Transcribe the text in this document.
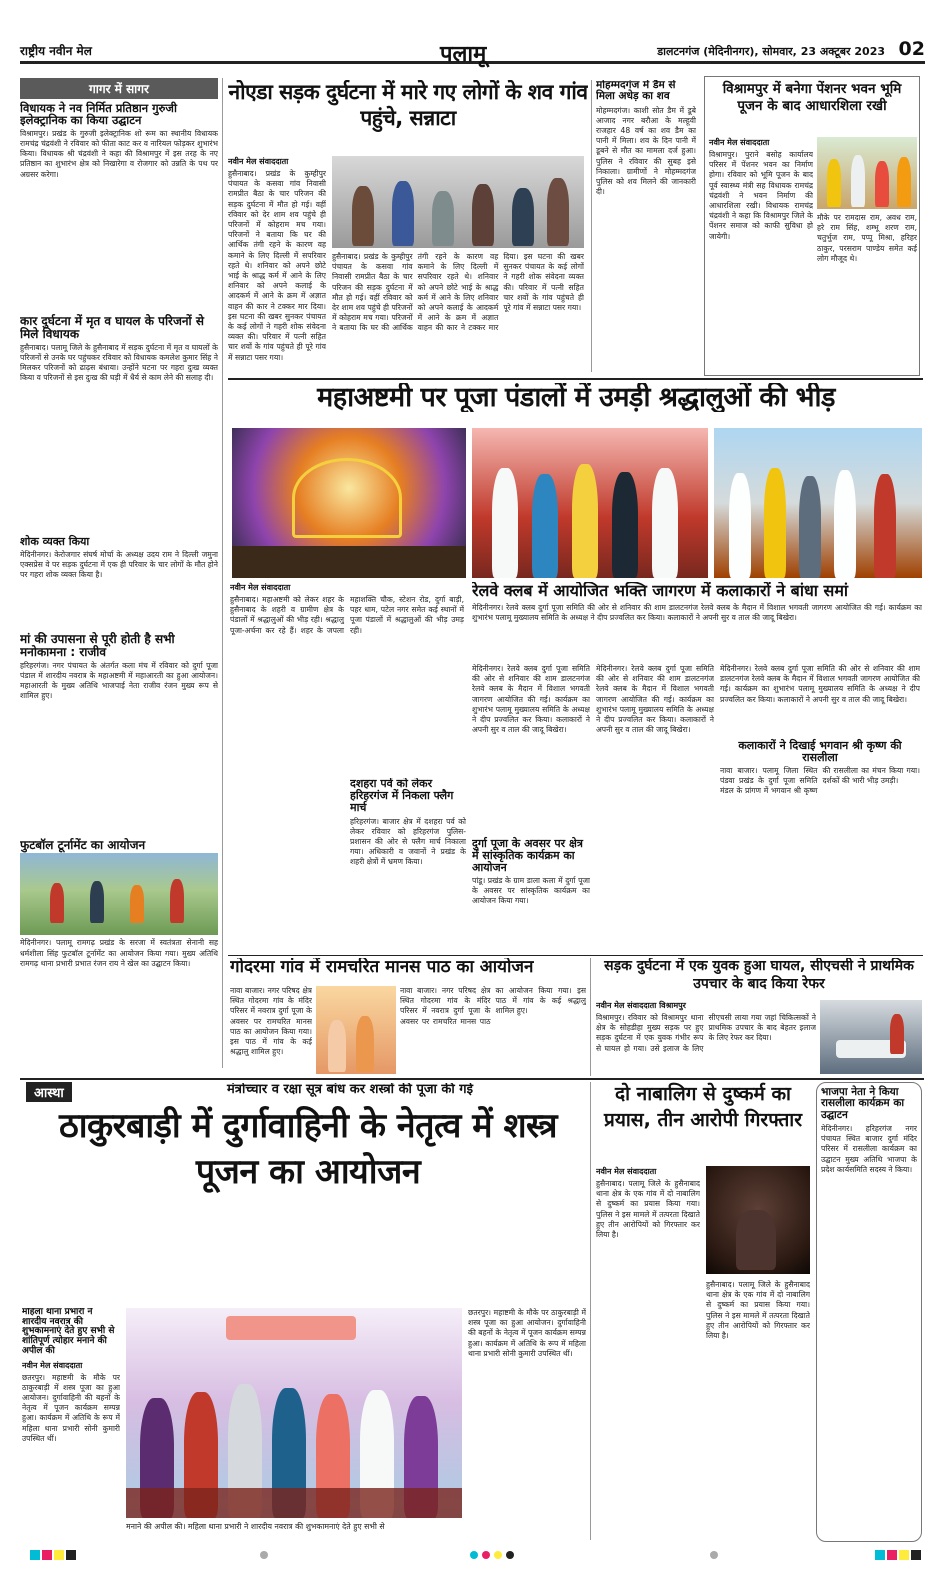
राष्ट्रीय नवीन मेल	पलामू	डालटनगंज (मेदिनीनगर), सोमवार, 23 अक्टूबर 2023 02
गागर में सागर
विधायक ने नव निर्मित प्रतिष्ठान गुरुजी इलेक्ट्रानिक का किया उद्घाटन
विश्रामपुर। प्रखंड के गुरुजी इलेक्ट्रानिक शो रूम का स्थानीय विधायक रामचंद्र चंद्रवंशी ने रविवार को फीता काट कर व नारियल फोड़कर शुभारंभ किया। विधायक श्री चंद्रवंशी ने कहा की विश्रामपुर में इस तरह के नए प्रतिष्ठान का शुभारंभ क्षेत्र को निखारेगा व रोजगार को उन्नति के पथ पर अग्रसर करेगा।
कार दुर्घटना में मृत व घायल के परिजनों से मिले विधायक
हुसैनाबाद। पलामू जिले के हुसैनाबाद में सड़क दुर्घटना में मृत व घायलों के परिजनों से उनके घर पहुंचकर रविवार को विधायक कमलेश कुमार सिंह ने मिलकर परिजनों को ढाढ़स बंधाया। उन्होंने घटना पर गहरा दुःख व्यक्त किया व परिजनों से इस दुःख की घड़ी में धैर्य से काम लेने की सलाह दी।
शोक व्यक्त किया
मेदिनीनगर। केरोजगार संघर्ष मोर्चा के अध्यक्ष उदय राम ने दिल्ली जमुना एक्सप्रेस वे पर सड़क दुर्घटना में एक ही परिवार के चार लोगों के मौत होने पर गहरा शोक व्यक्त किया है।
मां की उपासना से पूरी होती है सभी मनोकामना : राजीव
हरिहरगंज। नगर पंचायत के अंतर्गत कला मंच में रविवार को दुर्गा पूजा पंडाल में शारदीय नवरात्र के महाअष्टमी में महाआरती का हुआ आयोजन। महाआरती के मुख्य अतिथि भाजपाई नेता राजीव रंजन मुख्य रूप से शामिल हुए।
फुटबॉल टूर्नामेंट का आयोजन
मेदिनीनगर। पलामू रामगढ़ प्रखंड के सरजा में स्वतंत्रता सेनानी सह धर्मशीला सिंह फुटबॉल टूर्नामेंट का आयोजन किया गया। मुख्य अतिथि रामगढ़ थाना प्रभारी प्रभात रंजन राय ने खेल का उद्घाटन किया।
नोएडा सड़क दुर्घटना में मारे गए लोगों के शव गांव पहुंचे, सन्नाटा
नवीन मेल संवाददाता
हुसैनाबाद। प्रखंड के कुम्हीपुर पंचायत के कसवा गांव निवासी रामप्रीत बैठा के चार परिजन की सड़क दुर्घटना में मौत हो गई। वहीं रविवार को देर शाम शव पहुंचे ही परिजनों में कोहराम मच गया। परिजनों ने बताया कि घर की आर्थिक तंगी रहने के कारण वह कमाने के लिए दिल्ली में सपरिवार रहते थे। शनिवार को अपने छोटे भाई के श्राद्ध कर्म में आने के लिए शनिवार को अपने कलाई के आदकर्म में आने के क्रम में अज्ञात वाहन की कार ने टक्कर मार दिया। इस घटना की खबर सुनकर पंचायत के कई लोगों ने गहरी शोक संवेदना व्यक्त की। परिवार में पत्नी सहित चार शवों के गांव पहुंचते ही पूरे गांव में सन्नाटा पसर गया।
हुसैनाबाद। प्रखंड के कुम्हीपुर पंचायत के कसवा गांव निवासी रामप्रीत बैठा के चार परिजन की सड़क दुर्घटना में मौत हो गई। वहीं रविवार को देर शाम शव पहुंचे ही परिजनों में कोहराम मच गया। परिजनों ने बताया कि घर की आर्थिक तंगी रहने के कारण वह कमाने के लिए दिल्ली में सपरिवार रहते थे। शनिवार को अपने छोटे भाई के श्राद्ध कर्म में आने के लिए शनिवार को अपने कलाई के आदकर्म में आने के क्रम में अज्ञात वाहन की कार ने टक्कर मार दिया। इस घटना की खबर सुनकर पंचायत के कई लोगों ने गहरी शोक संवेदना व्यक्त की। परिवार में पत्नी सहित चार शवों के गांव पहुंचते ही पूरे गांव में सन्नाटा पसर गया।
मोहम्मदगंज में डैम से मिला अधेड़ का शव
मोहम्मदगंज। काशी सोत डैम में डूबे आजाद नगर बरौआ के मल्हूवी राजहार 48 वर्ष का शव डैम का पानी में मिला। शव के दिन पानी में डूबने से मौत का मामला दर्ज हुआ। पुलिस ने रविवार की सुबह इसे निकाला। ग्रामीणों ने मोहम्मदगंज पुलिस को शव मिलने की जानकारी दी।
विश्रामपुर में बनेगा पेंशनर भवन भूमि पूजन के बाद आधारशिला रखी
नवीन मेल संवाददाता
विश्रामपुर। पुराने बसोह कार्यालय परिसर में पेंशनर भवन का निर्माण होगा। रविवार को भूमि पूजन के बाद पूर्व स्वास्थ्य मंत्री सह विधायक रामचंद्र चंद्रवंशी ने भवन निर्माण की आधारशिला रखी। विधायक रामचंद्र चंद्रवंशी ने कहा कि विश्रामपुर जिले के पेंशनर समाज को काफी सुविधा हो जायेगी।
मौके पर रामदास राम, अवध राम, हरे राम सिंह, शम्भू शरण राम, चतुर्भुज राम, पप्पू मिश्रा, हरिहर ठाकुर, परसराम पाण्डेय समेत कई लोग मौजूद थे।
महाअष्टमी पर पूजा पंडालों में उमड़ी श्रद्धालुओं की भीड़
नवीन मेल संवाददाता
हुसैनाबाद। महाअष्टमी को लेकर शहर के हुसैनाबाद के शहरी व ग्रामीण क्षेत्र के पंडालों में श्रद्धालुओं की भीड़ रही। श्रद्धालु पूजा-अर्चना कर रहे हैं। शहर के जपला महाशक्ति चौक, स्टेशन रोड, दुर्गा बाड़ी, पहर धाम, पटेल नगर समेत कई स्थानों में पूजा पंडालों में श्रद्धालुओं की भीड़ उमड़ रही।
दशहरा पर्व को लेकर हरिहरगंज में निकला फ्लैग मार्च
हरिहरगंज। बाजार क्षेत्र में दशहरा पर्व को लेकर रविवार को हरिहरगंज पुलिस-प्रशासन की ओर से फ्लैग मार्च निकाला गया। अधिकारी व जवानों ने प्रखंड के शहरी क्षेत्रों में भ्रमण किया।
रेलवे क्लब में आयोजित भक्ति जागरण में कलाकारों ने बांधा समां
मेदिनीनगर। रेलवे क्लब दुर्गा पूजा समिति की ओर से शनिवार की शाम डालटनगंज रेलवे क्लब के मैदान में विशाल भगवती जागरण आयोजित की गई। कार्यक्रम का शुभारंभ पलामू मुख्यालय समिति के अध्यक्ष ने दीप प्रज्वलित कर किया। कलाकारों ने अपनी सुर व ताल की जादू बिखेरा।
मेदिनीनगर। रेलवे क्लब दुर्गा पूजा समिति की ओर से शनिवार की शाम डालटनगंज रेलवे क्लब के मैदान में विशाल भगवती जागरण आयोजित की गई। कार्यक्रम का शुभारंभ पलामू मुख्यालय समिति के अध्यक्ष ने दीप प्रज्वलित कर किया। कलाकारों ने अपनी सुर व ताल की जादू बिखेरा।
दुर्गा पूजा के अवसर पर क्षेत्र में सांस्कृतिक कार्यक्रम का आयोजन
पांडू। प्रखंड के ग्राम डाला कला में दुर्गा पूजा के अवसर पर सांस्कृतिक कार्यक्रम का आयोजन किया गया।
मेदिनीनगर। रेलवे क्लब दुर्गा पूजा समिति की ओर से शनिवार की शाम डालटनगंज रेलवे क्लब के मैदान में विशाल भगवती जागरण आयोजित की गई। कार्यक्रम का शुभारंभ पलामू मुख्यालय समिति के अध्यक्ष ने दीप प्रज्वलित कर किया। कलाकारों ने अपनी सुर व ताल की जादू बिखेरा।
मेदिनीनगर। रेलवे क्लब दुर्गा पूजा समिति की ओर से शनिवार की शाम डालटनगंज रेलवे क्लब के मैदान में विशाल भगवती जागरण आयोजित की गई। कार्यक्रम का शुभारंभ पलामू मुख्यालय समिति के अध्यक्ष ने दीप प्रज्वलित कर किया। कलाकारों ने अपनी सुर व ताल की जादू बिखेरा।
कलाकारों ने दिखाई भगवान श्री कृष्ण की रासलीला
नावा बाजार। पलामू जिला स्थित पंडवा प्रखंड के दुर्गा पूजा समिति मंडल के प्रांगण में भगवान श्री कृष्ण की रासलीला का मंचन किया गया। दर्शकों की भारी भीड़ उमड़ी।
गोदरमा गांव में रामचरित मानस पाठ का आयोजन
नावा बाजार। नगर परिषद क्षेत्र स्थित गोदरमा गांव के मंदिर परिसर में नवरात्र दुर्गा पूजा के अवसर पर रामचरित मानस पाठ का आयोजन किया गया। इस पाठ में गांव के कई श्रद्धालु शामिल हुए।
नावा बाजार। नगर परिषद क्षेत्र स्थित गोदरमा गांव के मंदिर परिसर में नवरात्र दुर्गा पूजा के अवसर पर रामचरित मानस पाठ का आयोजन किया गया। इस पाठ में गांव के कई श्रद्धालु शामिल हुए।
सड़क दुर्घटना में एक युवक हुआ घायल, सीएचसी ने प्राथमिक उपचार के बाद किया रेफर
नवीन मेल संवाददाता विश्रामपुर
विश्रामपुर। रविवार को विश्रामपुर थाना क्षेत्र के सोहडीहा मुख्य सड़क पर हुए सड़क दुर्घटना में एक युवक गंभीर रूप से घायल हो गया। उसे इलाज के लिए सीएचसी लाया गया जहां चिकित्सकों ने प्राथमिक उपचार के बाद बेहतर इलाज के लिए रेफर कर दिया।
आस्था	मंत्रोच्चार व रक्षा सूत्र बांध कर शस्त्रों की पूजा की गई
ठाकुरबाड़ी में दुर्गावाहिनी के नेतृत्व में शस्त्र पूजन का आयोजन
महिला थाना प्रभारी ने शारदीय नवरात्र की शुभकामनाएं देते हुए सभी से शांतिपूर्ण त्योहार मनाने की अपील की
नवीन मेल संवाददाता
छतरपुर। महाष्टमी के मौके पर ठाकुरबाड़ी में शस्त्र पूजा का हुआ आयोजन। दुर्गावाहिनी की बहनों के नेतृत्व में पूजन कार्यक्रम सम्पन्न हुआ। कार्यक्रम में अतिथि के रूप में महिला थाना प्रभारी सोनी कुमारी उपस्थित थीं।
छतरपुर। महाष्टमी के मौके पर ठाकुरबाड़ी में शस्त्र पूजा का हुआ आयोजन। दुर्गावाहिनी की बहनों के नेतृत्व में पूजन कार्यक्रम सम्पन्न हुआ। कार्यक्रम में अतिथि के रूप में महिला थाना प्रभारी सोनी कुमारी उपस्थित थीं।
मनाने की अपील की। महिला थाना प्रभारी ने शारदीय नवरात्र की शुभकामनाएं देते हुए सभी से
दो नाबालिग से दुष्कर्म का प्रयास, तीन आरोपी गिरफ्तार
नवीन मेल संवाददाता
हुसैनाबाद। पलामू जिले के हुसैनाबाद थाना क्षेत्र के एक गांव में दो नाबालिग से दुष्कर्म का प्रयास किया गया। पुलिस ने इस मामले में तत्परता दिखाते हुए तीन आरोपियों को गिरफ्तार कर लिया है।
हुसैनाबाद। पलामू जिले के हुसैनाबाद थाना क्षेत्र के एक गांव में दो नाबालिग से दुष्कर्म का प्रयास किया गया। पुलिस ने इस मामले में तत्परता दिखाते हुए तीन आरोपियों को गिरफ्तार कर लिया है।
भाजपा नेता ने किया रासलीला कार्यक्रम का उद्घाटन
मेदिनीनगर। हरिहरगंज नगर पंचायत स्थित बाजार दुर्गा मंदिर परिसर में रासलीला कार्यक्रम का उद्घाटन मुख्य अतिथि भाजपा के प्रदेश कार्यसमिति सदस्य ने किया।
